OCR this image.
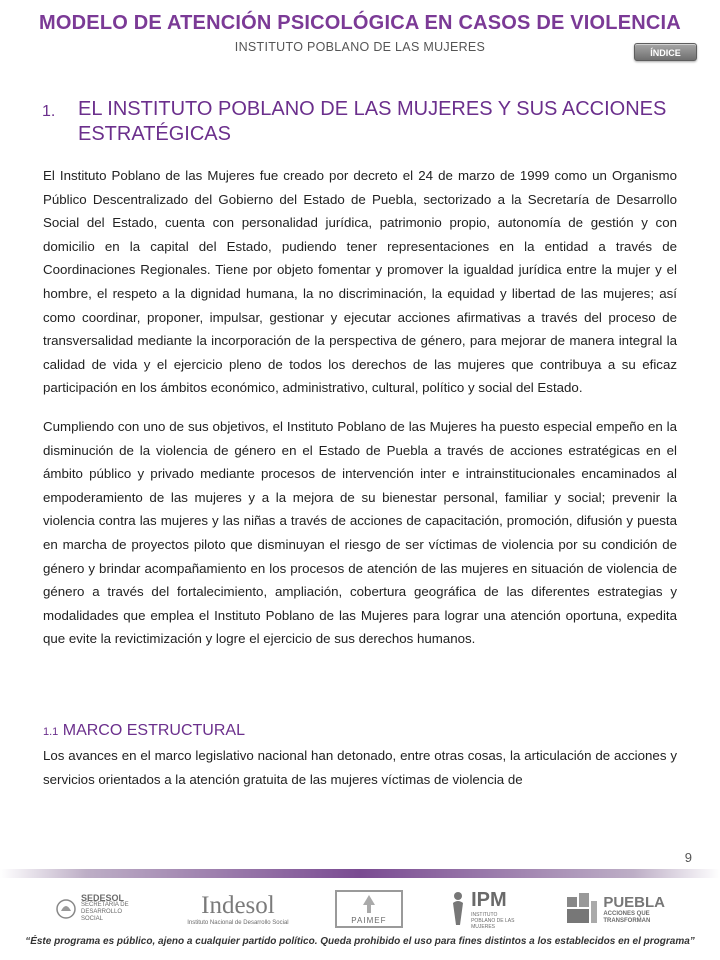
MODELO DE ATENCIÓN PSICOLÓGICA EN CASOS DE VIOLENCIA
INSTITUTO POBLANO DE LAS MUJERES	ÍNDICE
1.	EL INSTITUTO POBLANO DE LAS MUJERES Y SUS ACCIONES ESTRATÉGICAS

El Instituto Poblano de las Mujeres fue creado por decreto el 24 de marzo de 1999 como un Organismo Público Descentralizado del Gobierno del Estado de Puebla, sectorizado a la Secretaría de Desarrollo Social del Estado, cuenta con personalidad jurídica, patrimonio propio, autonomía de gestión y con domicilio en la capital del Estado, pudiendo tener representaciones en la entidad a través de Coordinaciones Regionales. Tiene por objeto fomentar y promover la igualdad jurídica entre la mujer y el hombre, el respeto a la dignidad humana, la no discriminación, la equidad y libertad de las mujeres; así como coordinar, proponer, impulsar, gestionar y ejecutar acciones afirmativas a través del proceso de transversalidad mediante la incorporación de la perspectiva de género, para mejorar de manera integral la calidad de vida y el ejercicio pleno de todos los derechos de las mujeres que contribuya a su eficaz participación en los ámbitos económico, administrativo, cultural, político y social del Estado.

Cumpliendo con uno de sus objetivos, el Instituto Poblano de las Mujeres ha puesto especial empeño en la disminución de la violencia de género en el Estado de Puebla a través de acciones estratégicas en el ámbito público y privado mediante procesos de intervención inter e intrainstitucionales encaminados al empoderamiento de las mujeres y a la mejora de su bienestar personal, familiar y social; prevenir la violencia contra las mujeres y las niñas a través de acciones de capacitación, promoción, difusión y puesta en marcha de proyectos piloto que disminuyan el riesgo de ser víctimas de violencia por su condición de género y brindar acompañamiento en los procesos de atención de las mujeres en situación de violencia de género a través del fortalecimiento, ampliación, cobertura geográfica de las diferentes estrategias y modalidades que emplea el Instituto Poblano de las Mujeres para lograr una atención oportuna, expedita que evite la revictimización y logre el ejercicio de sus derechos humanos.

1.1 MARCO ESTRUCTURAL

Los avances en el marco legislativo nacional han detonado, entre otras cosas, la articulación de acciones y servicios orientados a la atención gratuita de las mujeres víctimas de violencia de

9
SEDESOL
SECRETARÍA DE DESARROLLO SOCIAL	Indesol
Instituto Nacional de Desarrollo Social	PAIMEF
IPM
INSTITUTO POBLANO DE LAS MUJERES
PUEBLA
ACCIONES QUE
TRANSFORMAN
“Éste programa es público, ajeno a cualquier partido político. Queda prohibido el uso para fines distintos a los establecidos en el programa”
